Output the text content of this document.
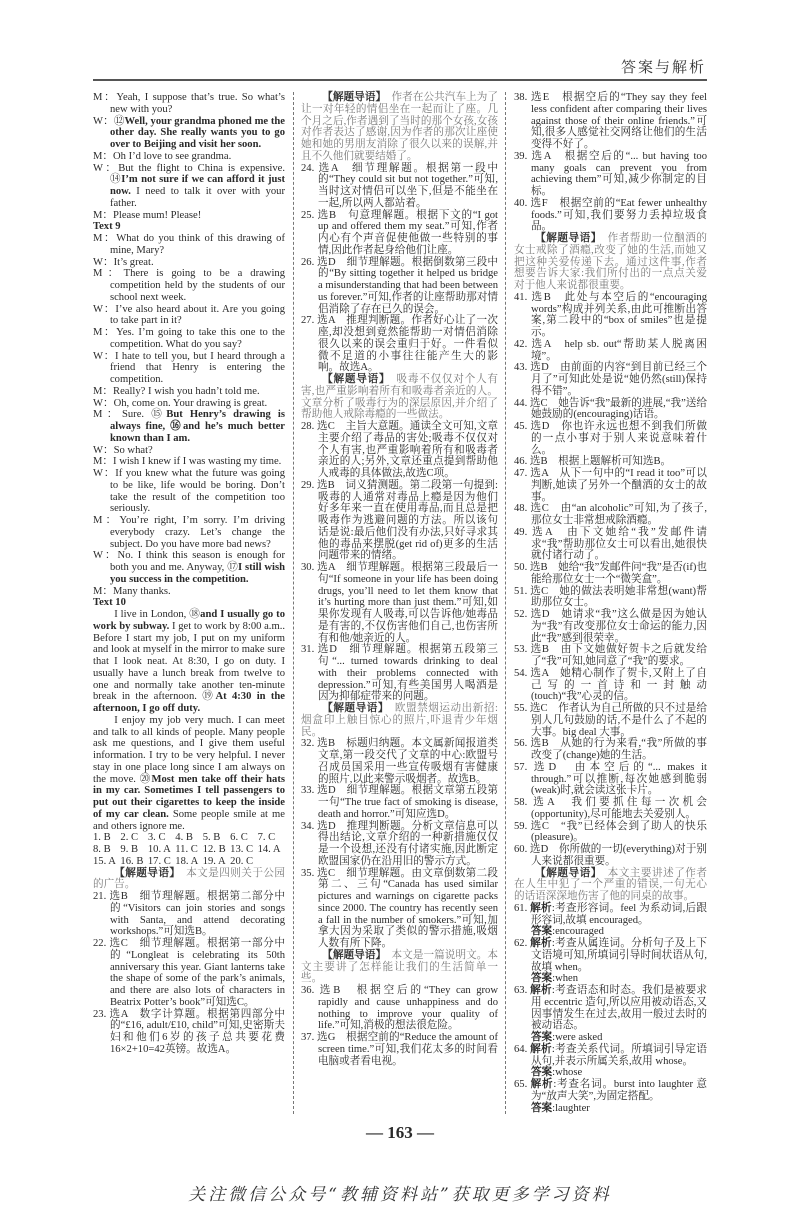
答案与解析
M：Yeah, I suppose that’s true. So what’s new with you?
W：⑫Well, your grandma phoned me the other day. She really wants you to go over to Beijing and visit her soon.
M：Oh I’d love to see grandma.
W：But the flight to China is expensive. ⑭I’m not sure if we can afford it just now. I need to talk it over with your father.
M：Please mum! Please!
Text 9
M：What do you think of this drawing of mine, Mary?
W：It’s great.
M：There is going to be a drawing competition held by the students of our school next week.
W：I’ve also heard about it. Are you going to take part in it?
M：Yes. I’m going to take this one to the competition. What do you say?
W：I hate to tell you, but I heard through a friend that Henry is entering the competition.
M：Really? I wish you hadn’t told me.
W：Oh, come on. Your drawing is great.
M：Sure. ⑮But Henry’s drawing is always fine, ⑯and he’s much better known than I am.
W：So what?
M：I wish I knew if I was wasting my time.
W：If you knew what the future was going to be like, life would be boring. Don’t take the result of the competition too seriously.
M：You’re right, I’m sorry. I’m driving everybody crazy. Let’s change the subject. Do you have more bad news?
W：No. I think this season is enough for both you and me. Anyway, ⑰I still wish you success in the competition.
M：Many thanks.
Text 10
I live in London, ⑱and I usually go to work by subway. I get to work by 8:00 a.m.. Before I start my job, I put on my uniform and look at myself in the mirror to make sure that I look neat. At 8:30, I go on duty. I usually have a lunch break from twelve to one and normally take another ten-minute break in the afternoon. ⑲At 4:30 in the afternoon, I go off duty.
I enjoy my job very much. I can meet and talk to all kinds of people. Many people ask me questions, and I give them useful information. I try to be very helpful. I never stay in one place long since I am always on the move. ⑳Most men take off their hats in my car. Sometimes I tell passengers to put out their cigarettes to keep the inside of my car clean. Some people smile at me and others ignore me.
1. B 2. C 3. C 4. B 5. B 6. C 7. C
8. B 9. B 10. A 11. C 12. B 13. C 14. A
15. A 16. B 17. C 18. A 19. A 20. C
【解题导语】　本文是四则关于公园的广告。
21. 选B　细节理解题。根据第二部分中的“Visitors can join stories and songs with Santa, and attend decorating workshops.”可知选B。
22. 选C　细节理解题。根据第一部分中的“Longleat is celebrating its 50th anniversary this year. Giant lanterns take the shape of some of the park’s animals, and there are also lots of characters in Beatrix Potter’s book”可知选C。
23. 选A　数字计算题。根据第四部分中的“£16, adult/£10, child”可知,史密斯夫妇和他们6岁的孩子总共要花费16×2+10=42英镑。故选A。
【解题导语】　作者在公共汽车上为了让一对年轻的情侣坐在一起而让了座。几个月之后,作者遇到了当时的那个女孩,女孩对作者表达了感谢,因为作者的那次让座使她和她的男朋友消除了很久以来的误解,并且不久他们就要结婚了。
24. 选A　细节理解题。根据第一段中的“They could sit but not together.”可知,当时这对情侣可以坐下,但是不能坐在一起,所以两人都站着。
25. 选B　句意理解题。根据下文的“I got up and offered them my seat.”可知,作者内心有个声音促使他做一些特别的事情,因此作者起身给他们让座。
26. 选D　细节理解题。根据倒数第三段中的“By sitting together it helped us bridge a misunderstanding that had been between us forever.”可知,作者的让座帮助那对情侣消除了存在已久的误会。
27. 选A　推理判断题。作者好心让了一次座,却没想到竟然能帮助一对情侣消除很久以来的误会重归于好。一件看似微不足道的小事往往能产生大的影响。故选A。
【解题导语】　吸毒不仅仅对个人有害,也严重影响着所有和吸毒者亲近的人。文章分析了吸毒行为的深层原因,并介绍了帮助他人戒除毒瘾的一些做法。
28. 选C　主旨大意题。通读全文可知,文章主要介绍了毒品的害处;吸毒不仅仅对个人有害,也严重影响着所有和吸毒者亲近的人;另外,文章还重点提到帮助他人戒毒的具体做法,故选C项。
29. 选B　词义猜测题。第二段第一句提到:吸毒的人通常对毒品上瘾是因为他们好多年来一直在使用毒品,而且总是把吸毒作为逃避问题的方法。所以该句话是说:最后他们没有办法,只好寻求其他的毒品来摆脱(get rid of)更多的生活问题带来的情绪。
30. 选A　细节理解题。根据第三段最后一句“If someone in your life has been doing drugs, you’ll need to let them know that it’s hurting more than just them.”可知,如果你发现有人吸毒,可以告诉他/她毒品是有害的,不仅伤害他们自己,也伤害所有和他/她亲近的人。
31. 选D　细节理解题。根据第五段第三句“... turned towards drinking to deal with their problems connected with depression.”可知,有些美国男人喝酒是因为抑郁症带来的问题。
【解题导语】　欧盟禁烟运动出新招:烟盒印上触目惊心的照片,吓退青少年烟民。
32. 选B　标题归纳题。本文属新闻报道类文章,第一段交代了文章的中心:欧盟号召成员国采用一些宣传吸烟有害健康的照片,以此来警示吸烟者。故选B。
33. 选D　细节理解题。根据文章第五段第一句“The true fact of smoking is disease, death and horror.”可知应选D。
34. 选D　推理判断题。分析文章信息可以得出结论,文章介绍的一种新措施仅仅是一个设想,还没有付诸实施,因此断定欧盟国家仍在沿用旧的警示方式。
35. 选C　细节理解题。由文章倒数第二段第二、三句“Canada has used similar pictures and warnings on cigarette packs since 2000. The country has recently seen a fall in the number of smokers.”可知,加拿大因为采取了类似的警示措施,吸烟人数有所下降。
【解题导语】　本文是一篇说明文。本文主要讲了怎样能让我们的生活简单一些。
36. 选B　根据空后的“They can grow rapidly and cause unhappiness and do nothing to improve your quality of life.”可知,消极的想法很危险。
37. 选G　根据空前的“Reduce the amount of screen time.”可知,我们花太多的时间看电脑或者看电视。
38. 选E　根据空后的“They say they feel less confident after comparing their lives against those of their online friends.”可知,很多人感觉社交网络让他们的生活变得不好了。
39. 选A　根据空后的“... but having too many goals can prevent you from achieving them”可知,减少你制定的目标。
40. 选F　根据空前的“Eat fewer unhealthy foods.”可知,我们要努力丢掉垃圾食品。
【解题导语】　作者帮助一位酗酒的女士戒除了酒瘾,改变了她的生活,而她又把这种关爱传递下去。通过这件事,作者想要告诉大家:我们所付出的一点点关爱对于他人来说都很重要。
41. 选B　此处与本空后的“encouraging words”构成并列关系,由此可推断出答案,第二段中的“box of smiles”也是提示。
42. 选A　help sb. out“帮助某人脱离困境”。
43. 选D　由前面的内容“到目前已经三个月了”可知此处是说“她仍然(still)保持得不错”。
44. 选C　她告诉“我”最新的进展,“我”送给她鼓励的(encouraging)话语。
45. 选D　你也许永远也想不到我们所做的一点小事对于别人来说意味着什么。
46. 选B　根据上题解析可知选B。
47. 选A　从下一句中的“I read it too”可以判断,她读了另外一个酗酒的女士的故事。
48. 选C　由“an alcoholic”可知,为了孩子,那位女士非常想戒除酒瘾。
49. 选A　由下文她给“我”发邮件请求“我”帮助那位女士可以看出,她很快就付诸行动了。
50. 选B　她给“我”发邮件问“我”是否(if)也能给那位女士一个“微笑盒”。
51. 选C　她的做法表明她非常想(want)帮助那位女士。
52. 选D　她请求“我”这么做是因为她认为“我”有改变那位女士命运的能力,因此“我”感到很荣幸。
53. 选B　由下文她做好贺卡之后就发给了“我”可知,她同意了“我”的要求。
54. 选A　她精心制作了贺卡,又附上了自己写的一首诗和一封触动(touch)“我”心灵的信。
55. 选C　作者认为自己所做的只不过是给别人几句鼓励的话,不是什么了不起的大事。big deal 大事。
56. 选B　从她的行为来看,“我”所做的事改变了(change)她的生活。
57. 选D　由本空后的“... makes it through.”可以推断,每次她感到脆弱(weak)时,就会读这张卡片。
58. 选A　我们要抓住每一次机会(opportunity),尽可能地去关爱别人。
59. 选C　“我”已经体会到了助人的快乐(pleasure)。
60. 选D　你所做的一切(everything)对于别人来说都很重要。
【解题导语】　本文主要讲述了作者在人生中犯了一个严重的错误,一句无心的话语深深地伤害了他的同桌的故事。
61. 解析:考查形容词。feel 为系动词,后跟形容词,故填 encouraged。
答案:encouraged
62. 解析:考查从属连词。分析句子及上下文语境可知,所填词引导时间状语从句,故填 when。
答案:when
63. 解析:考查语态和时态。我们是被要求用 eccentric 造句,所以应用被动语态,又因事情发生在过去,故用一般过去时的被动语态。
答案:were asked
64. 解析:考查关系代词。所填词引导定语从句,并表示所属关系,故用 whose。
答案:whose
65. 解析:考查名词。burst into laughter 意为“放声大笑”,为固定搭配。
答案:laughter
— 163 —
关注微信公众号“教辅资料站”获取更多学习资料
